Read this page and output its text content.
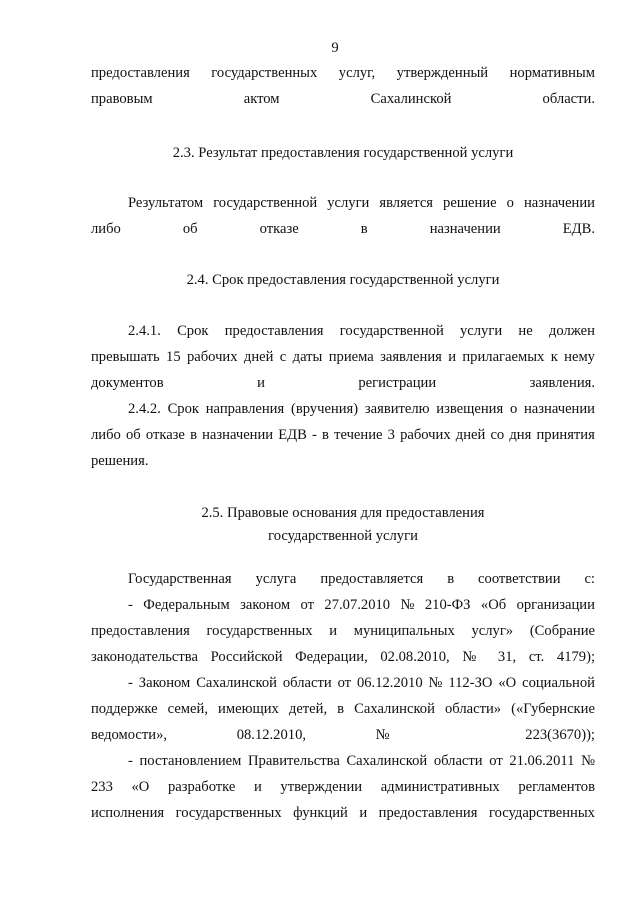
9
предоставления государственных услуг, утвержденный нормативным
правовым актом Сахалинской области.
2.3. Результат предоставления государственной услуги
Результатом государственной услуги является решение о назначении
либо об отказе в назначении ЕДВ.
2.4. Срок предоставления государственной услуги
2.4.1. Срок предоставления государственной услуги не должен
превышать 15 рабочих дней с даты приема заявления и прилагаемых к нему
документов и регистрации заявления.
2.4.2. Срок направления (вручения) заявителю извещения о назначении
либо об отказе в назначении ЕДВ - в течение 3 рабочих дней со дня принятия
решения.
2.5. Правовые основания для предоставления
государственной услуги
Государственная услуга предоставляется в соответствии с:
- Федеральным законом от 27.07.2010 № 210-ФЗ «Об организации
предоставления государственных и муниципальных услуг» (Собрание
законодательства Российской Федерации, 02.08.2010, № 31, ст. 4179);
- Законом Сахалинской области от 06.12.2010 № 112-ЗО «О социальной
поддержке семей, имеющих детей, в Сахалинской области» («Губернские
ведомости», 08.12.2010, № 223(3670));
- постановлением Правительства Сахалинской области от 21.06.2011 №
233 «О разработке и утверждении административных регламентов
исполнения государственных функций и предоставления государственных
